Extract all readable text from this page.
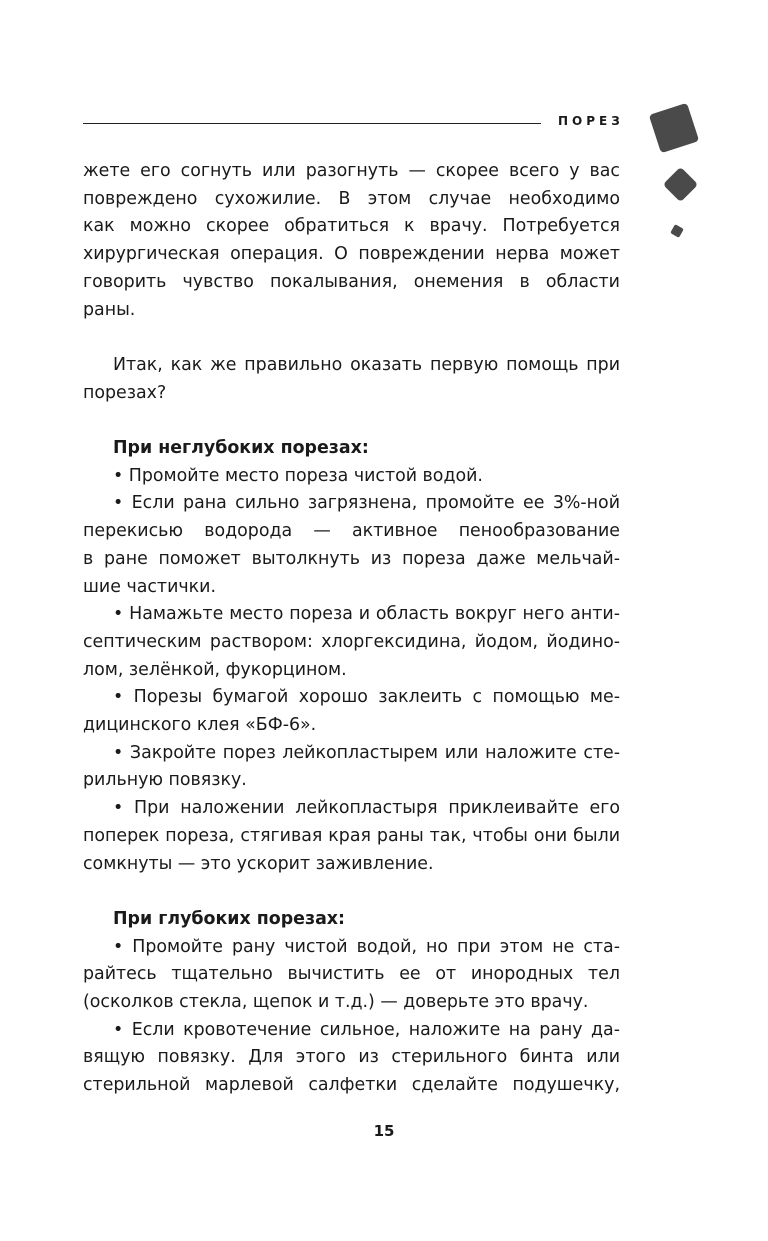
ПОРЕЗ
жете его согнуть или разогнуть — скорее всего у вас
повреждено сухожилие. В этом случае необходимо
как можно скорее обратиться к врачу. Потребуется
хирургическая операция. О повреждении нерва может
говорить чувство покалывания, онемения в области
раны.
Итак, как же правильно оказать первую помощь при
порезах?
При неглубоких порезах:
• Промойте место пореза чистой водой.
• Если рана сильно загрязнена, промойте ее 3%-ной
перекисью водорода — активное пенообразование
в ране поможет вытолкнуть из пореза даже мельчай-
шие частички.
• Намажьте место пореза и область вокруг него анти-
септическим раствором: хлоргексидина, йодом, йодино-
лом, зелёнкой, фукорцином.
• Порезы бумагой хорошо заклеить с помощью ме-
дицинского клея «БФ-6».
• Закройте порез лейкопластырем или наложите сте-
рильную повязку.
• При наложении лейкопластыря приклеивайте его
поперек пореза, стягивая края раны так, чтобы они были
сомкнуты — это ускорит заживление.
При глубоких порезах:
• Промойте рану чистой водой, но при этом не ста-
райтесь тщательно вычистить ее от инородных тел
(осколков стекла, щепок и т.д.) — доверьте это врачу.
• Если кровотечение сильное, наложите на рану да-
вящую повязку. Для этого из стерильного бинта или
стерильной марлевой салфетки сделайте подушечку,
15
